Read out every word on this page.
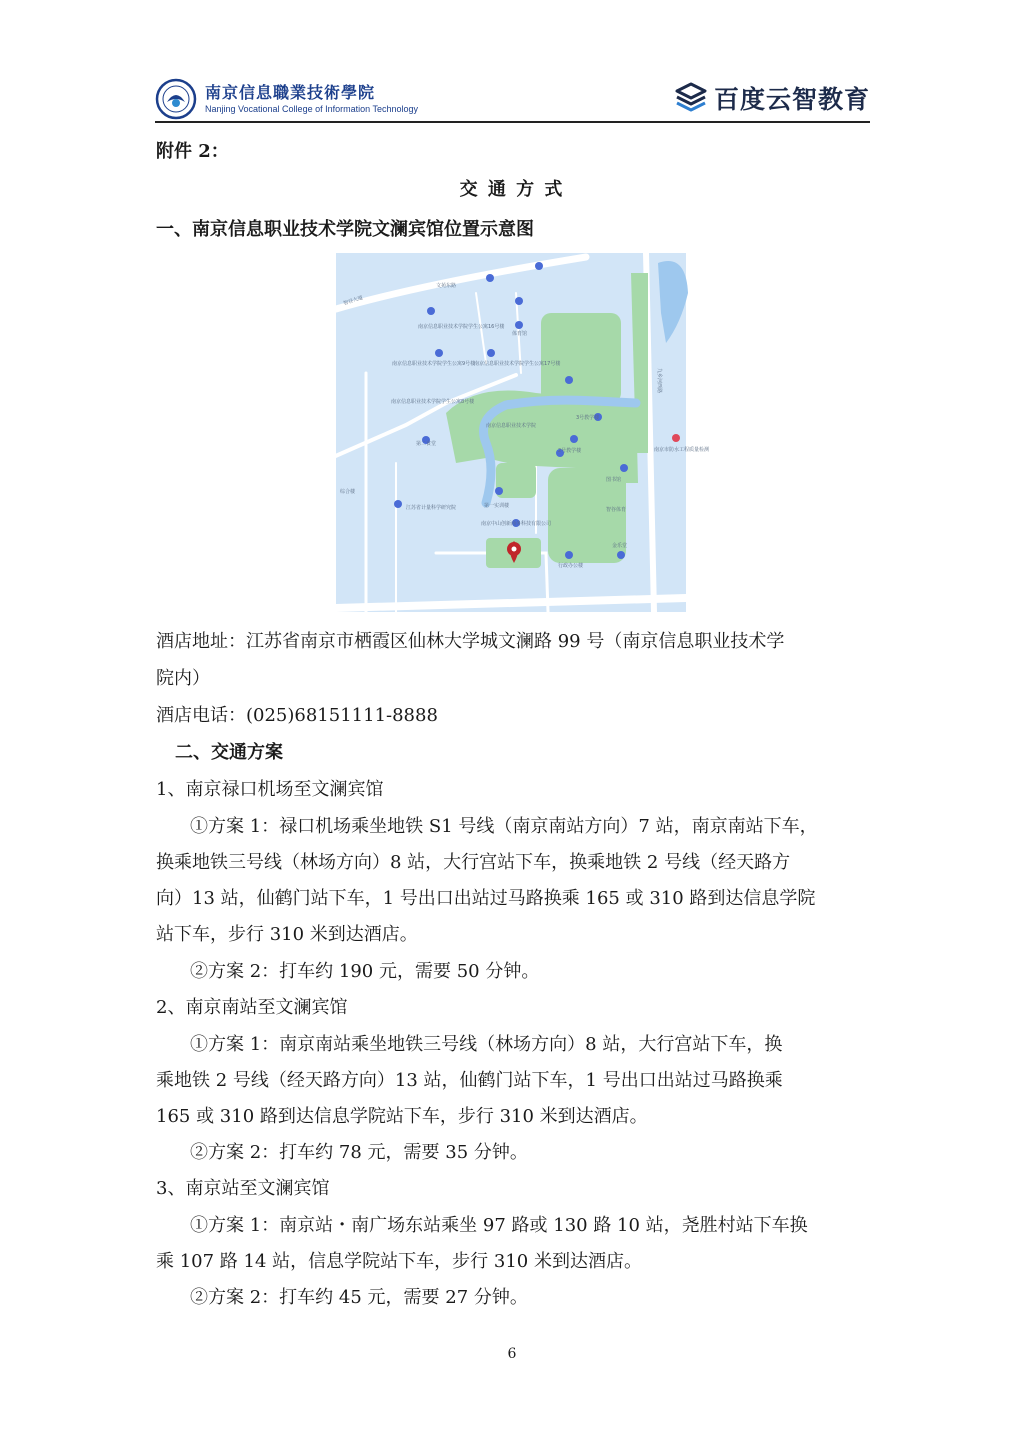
南京信息職業技術學院
Nanjing Vocational College of Information Technology	百度云智教育
附件 2：
交 通 方 式
一、南京信息职业技术学院文澜宾馆位置示意图
智谷大道
文苑东路
九乡河西路
南京信息职业技术学院学生公寓16号楼
南京信息职业技术学院学生公寓9号楼
南京信息职业技术学院学生公寓17号楼
南京信息职业技术学院学生公寓8号楼
体育馆
3号教学楼
南京信息职业技术学院
第二食堂
2号教学楼
图书馆
智谷体育
第一实训楼
南京中山创新商务科技有限公司
行政办公楼
金乐堂
江苏省计量科学研究院
综合楼
南京市防水工程质量检测
酒店地址：江苏省南京市栖霞区仙林大学城文澜路 99 号（南京信息职业技术学
院内）
酒店电话：(025)68151111-8888
二、交通方案
1、南京禄口机场至文澜宾馆
①方案 1：禄口机场乘坐地铁 S1 号线（南京南站方向）7 站，南京南站下车，
换乘地铁三号线（林场方向）8 站，大行宫站下车，换乘地铁 2 号线（经天路方
向）13 站，仙鹤门站下车，1 号出口出站过马路换乘 165 或 310 路到达信息学院
站下车，步行 310 米到达酒店。
②方案 2：打车约 190 元，需要 50 分钟。
2、南京南站至文澜宾馆
①方案 1：南京南站乘坐地铁三号线（林场方向）8 站，大行宫站下车，换
乘地铁 2 号线（经天路方向）13 站，仙鹤门站下车，1 号出口出站过马路换乘
165 或 310 路到达信息学院站下车，步行 310 米到达酒店。
②方案 2：打车约 78 元，需要 35 分钟。
3、南京站至文澜宾馆
①方案 1：南京站・南广场东站乘坐 97 路或 130 路 10 站，尧胜村站下车换
乘 107 路 14 站，信息学院站下车，步行 310 米到达酒店。
②方案 2：打车约 45 元，需要 27 分钟。
6
